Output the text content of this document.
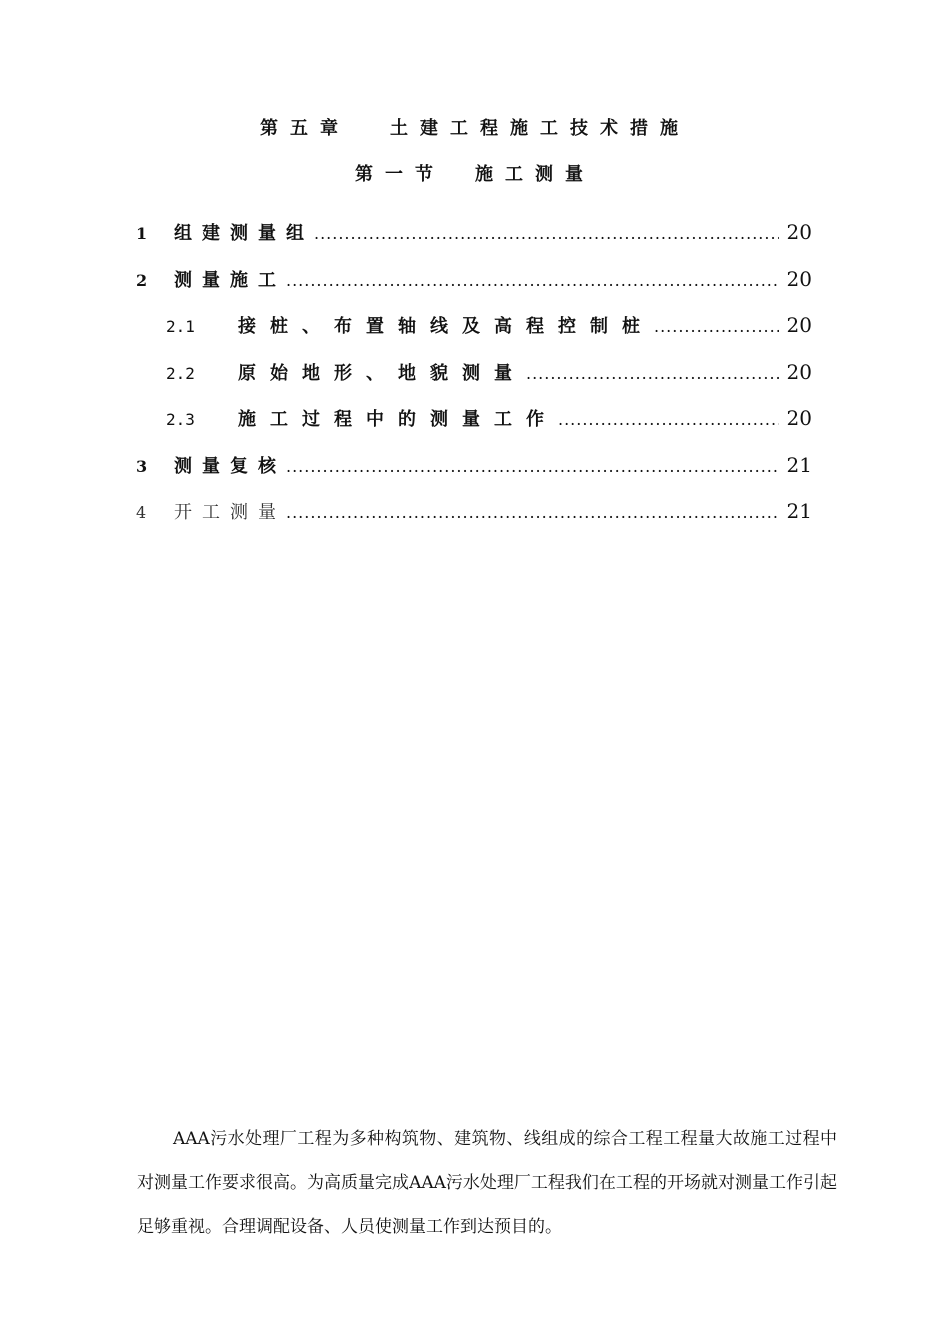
第五章 土建工程施工技术措施
第一节 施工测量
1	组建测量组 .....	20
2	测量施工 .....	20
2.1	接桩、布置轴线及高程控制桩 .....	20
2.2	原始地形、地貌测量 .....	20
2.3	施工过程中的测量工作 .....	20
3	测量复核 .....	21
4	开工测量 .....	21

AAA污水处理厂工程为多种构筑物、建筑物、线组成的综合工程工程量大故施工过程中对测量工作要求很高。为高质量完成AAA污水处理厂工程我们在工程的开场就对测量工作引起足够重视。合理调配设备、人员使测量工作到达预目的。
